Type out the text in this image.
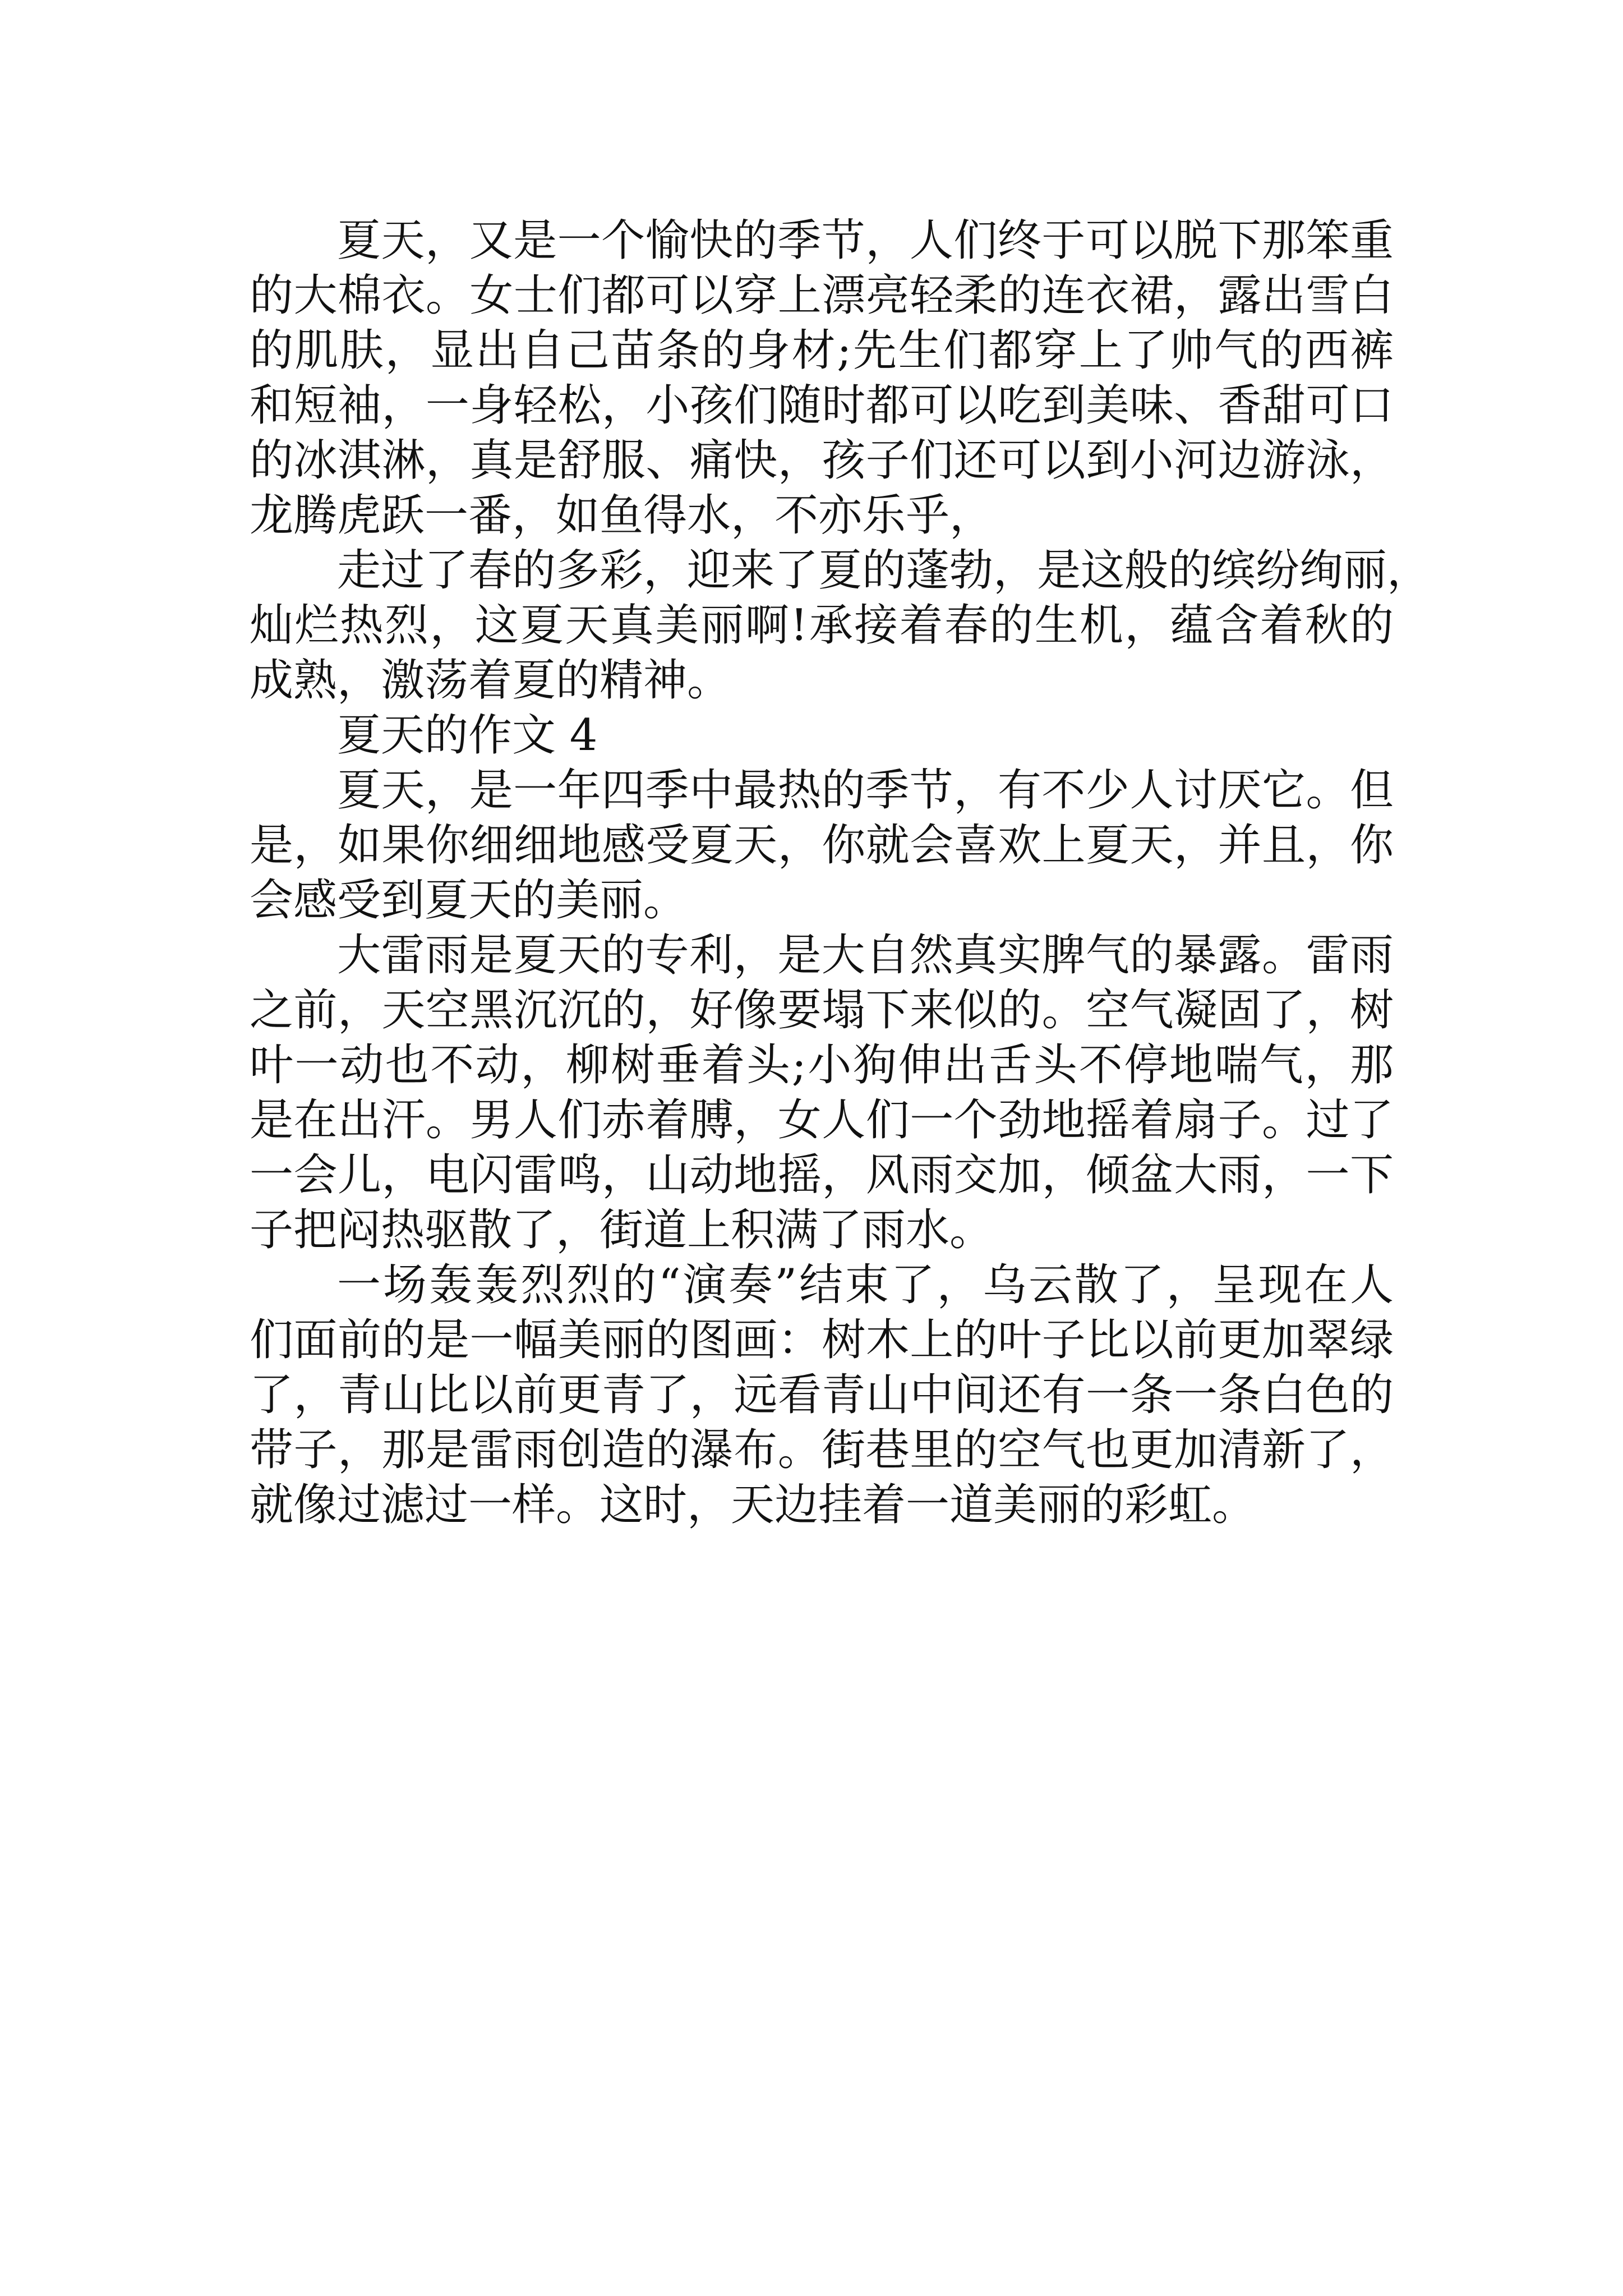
夏天，又是一个愉快的季节，人们终于可以脱下那笨重
的大棉衣。女士们都可以穿上漂亮轻柔的连衣裙，露出雪白
的肌肤，显出自己苗条的身材;先生们都穿上了帅气的西裤
和短袖，一身轻松，小孩们随时都可以吃到美味、香甜可口
的冰淇淋，真是舒服、痛快，孩子们还可以到小河边游泳，
龙腾虎跃一番，如鱼得水，不亦乐乎，
走过了春的多彩，迎来了夏的蓬勃，是这般的缤纷绚丽，
灿烂热烈，这夏天真美丽啊!承接着春的生机，蕴含着秋的
成熟，激荡着夏的精神。
夏天的作文 4
夏天，是一年四季中最热的季节，有不少人讨厌它。但
是，如果你细细地感受夏天，你就会喜欢上夏天，并且，你
会感受到夏天的美丽。
大雷雨是夏天的专利，是大自然真实脾气的暴露。雷雨
之前，天空黑沉沉的，好像要塌下来似的。空气凝固了，树
叶一动也不动，柳树垂着头;小狗伸出舌头不停地喘气，那
是在出汗。男人们赤着膊，女人们一个劲地摇着扇子。过了
一会儿，电闪雷鸣，山动地摇，风雨交加，倾盆大雨，一下
子把闷热驱散了，街道上积满了雨水。
一场轰轰烈烈的“演奏”结束了，乌云散了，呈现在人
们面前的是一幅美丽的图画：树木上的叶子比以前更加翠绿
了，青山比以前更青了，远看青山中间还有一条一条白色的
带子，那是雷雨创造的瀑布。街巷里的空气也更加清新了，
就像过滤过一样。这时，天边挂着一道美丽的彩虹。
